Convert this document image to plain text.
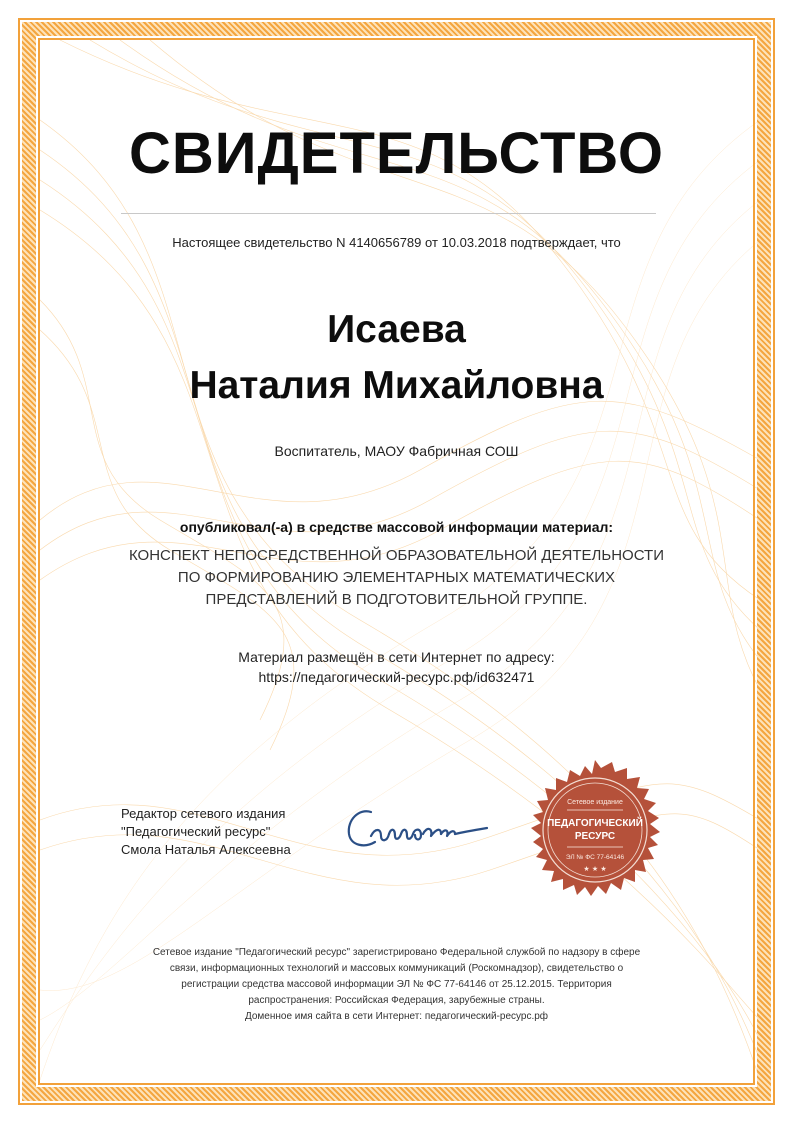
СВИДЕТЕЛЬСТВО
Настоящее свидетельство N 4140656789 от 10.03.2018 подтверждает, что
Исаева
Наталия Михайловна
Воспитатель, МАОУ Фабричная СОШ
опубликовал(-а) в средстве массовой информации материал:
КОНСПЕКТ НЕПОСРЕДСТВЕННОЙ ОБРАЗОВАТЕЛЬНОЙ ДЕЯТЕЛЬНОСТИ ПО ФОРМИРОВАНИЮ ЭЛЕМЕНТАРНЫХ МАТЕМАТИЧЕСКИХ ПРЕДСТАВЛЕНИЙ В ПОДГОТОВИТЕЛЬНОЙ ГРУППЕ.
Материал размещён в сети Интернет по адресу:
https://педагогический-ресурс.рф/id632471
Редактор сетевого издания
"Педагогический ресурс"
Смола Наталья Алексеевна
Сетевое издание
ПЕДАГОГИЧЕСКИЙ
РЕСУРС
ЭЛ № ФС 77-64146
★ ★ ★
Сетевое издание "Педагогический ресурс" зарегистрировано Федеральной службой по надзору в сфере
связи, информационных технологий и массовых коммуникаций (Роскомнадзор), свидетельство о
регистрации средства массовой информации ЭЛ № ФС 77-64146 от 25.12.2015. Территория
распространения: Российская Федерация, зарубежные страны.
Доменное имя сайта в сети Интернет: педагогический-ресурс.рф
